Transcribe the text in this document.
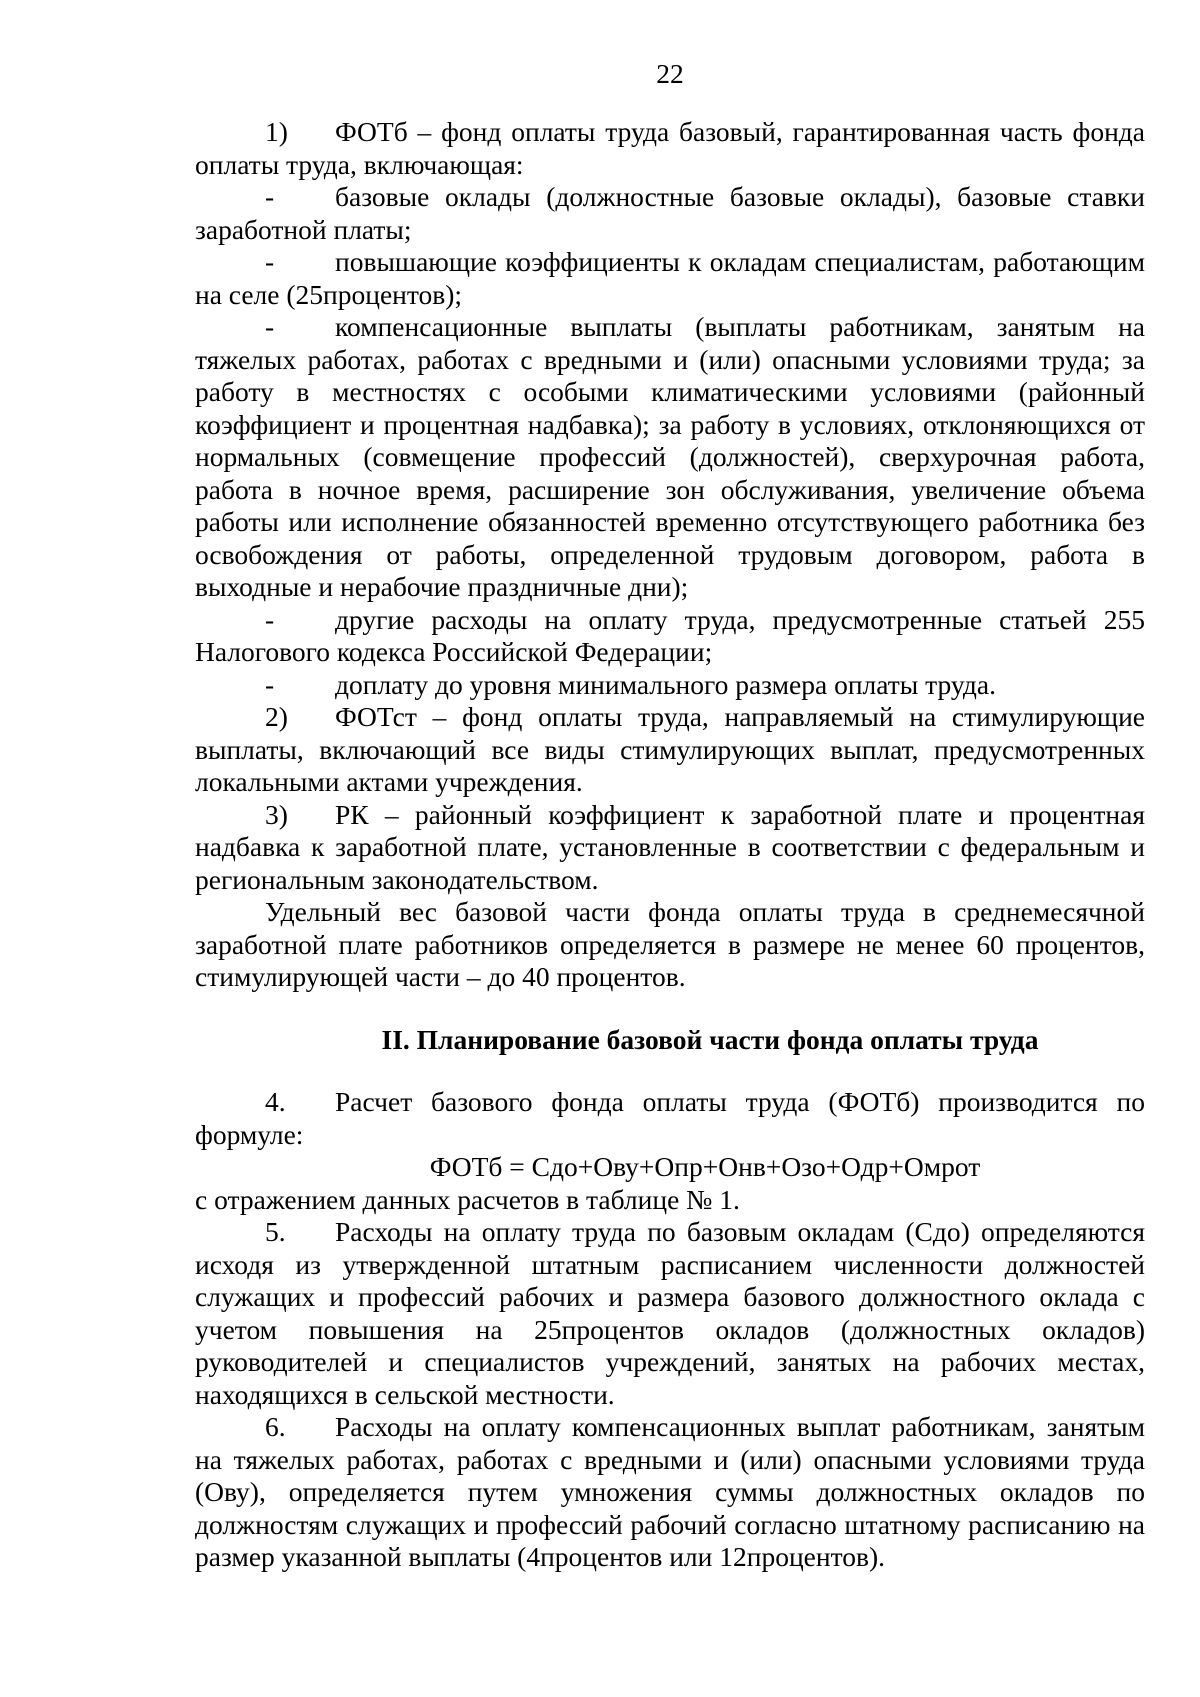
22

1) ФОТб – фонд оплаты труда базовый, гарантированная часть фонда оплаты труда, включающая:

- базовые оклады (должностные базовые оклады), базовые ставки заработной платы;

- повышающие коэффициенты к окладам специалистам, работающим на селе (25процентов);

- компенсационные выплаты (выплаты работникам, занятым на тяжелых работах, работах с вредными и (или) опасными условиями труда; за работу в местностях с особыми климатическими условиями (районный коэффициент и процентная надбавка); за работу в условиях, отклоняющихся от нормальных (совмещение профессий (должностей), сверхурочная работа, работа в ночное время, расширение зон обслуживания, увеличение объема работы или исполнение обязанностей временно отсутствующего работника без освобождения от работы, определенной трудовым договором, работа в выходные и нерабочие праздничные дни);

- другие расходы на оплату труда, предусмотренные статьей 255 Налогового кодекса Российской Федерации;

- доплату до уровня минимального размера оплаты труда.

2) ФОТст – фонд оплаты труда, направляемый на стимулирующие выплаты, включающий все виды стимулирующих выплат, предусмотренных локальными актами учреждения.

3) РК – районный коэффициент к заработной плате и процентная надбавка к заработной плате, установленные в соответствии с федеральным и региональным законодательством.

Удельный вес базовой части фонда оплаты труда в среднемесячной заработной плате работников определяется в размере не менее 60 процентов, стимулирующей части – до 40 процентов.

II. Планирование базовой части фонда оплаты труда

4. Расчет базового фонда оплаты труда (ФОТб) производится по формуле:

ФОТб = Сдо+Ову+Опр+Онв+Озо+Одр+Омрот

с отражением данных расчетов в таблице № 1.

5. Расходы на оплату труда по базовым окладам (Сдо) определяются исходя из утвержденной штатным расписанием численности должностей служащих и профессий рабочих и размера базового должностного оклада с учетом повышения на 25процентов окладов (должностных окладов) руководителей и специалистов учреждений, занятых на рабочих местах, находящихся в сельской местности.

6. Расходы на оплату компенсационных выплат работникам, занятым на тяжелых работах, работах с вредными и (или) опасными условиями труда (Ову), определяется путем умножения суммы должностных окладов по должностям служащих и профессий рабочий согласно штатному расписанию на размер указанной выплаты (4процентов или 12процентов).
